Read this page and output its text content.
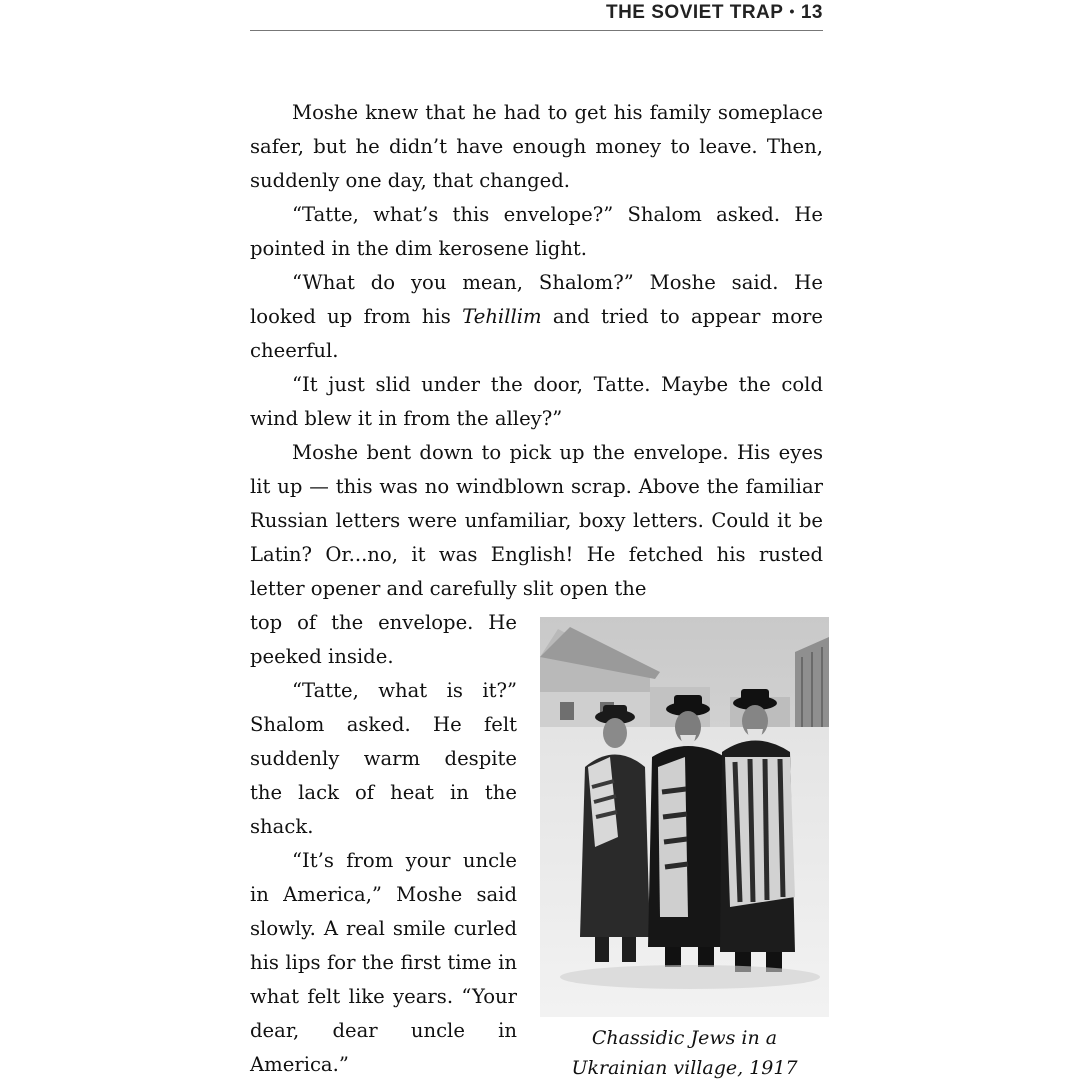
THE SOVIET TRAP • 13

Moshe knew that he had to get his family someplace safer, but he didn’t have enough money to leave. Then, suddenly one day, that changed.

“Tatte, what’s this envelope?” Shalom asked. He pointed in the dim kerosene light.

“What do you mean, Shalom?” Moshe said. He looked up from his Tehillim and tried to appear more cheerful.

“It just slid under the door, Tatte. Maybe the cold wind blew it in from the alley?”

Moshe bent down to pick up the envelope. His eyes lit up — this was no windblown scrap. Above the familiar Russian letters were unfamiliar, boxy letters. Could it be Latin? Or...no, it was English! He fetched his rusted letter opener and carefully slit open the

top of the envelope. He peeked inside.

“Tatte, what is it?” Shalom asked. He felt suddenly warm despite the lack of heat in the shack.

“It’s from your uncle in America,” Moshe said slowly. A real smile curled his lips for the first time in what felt like years. “Your dear, dear uncle in America.”

Chassidic Jews in a
Ukrainian village, 1917
